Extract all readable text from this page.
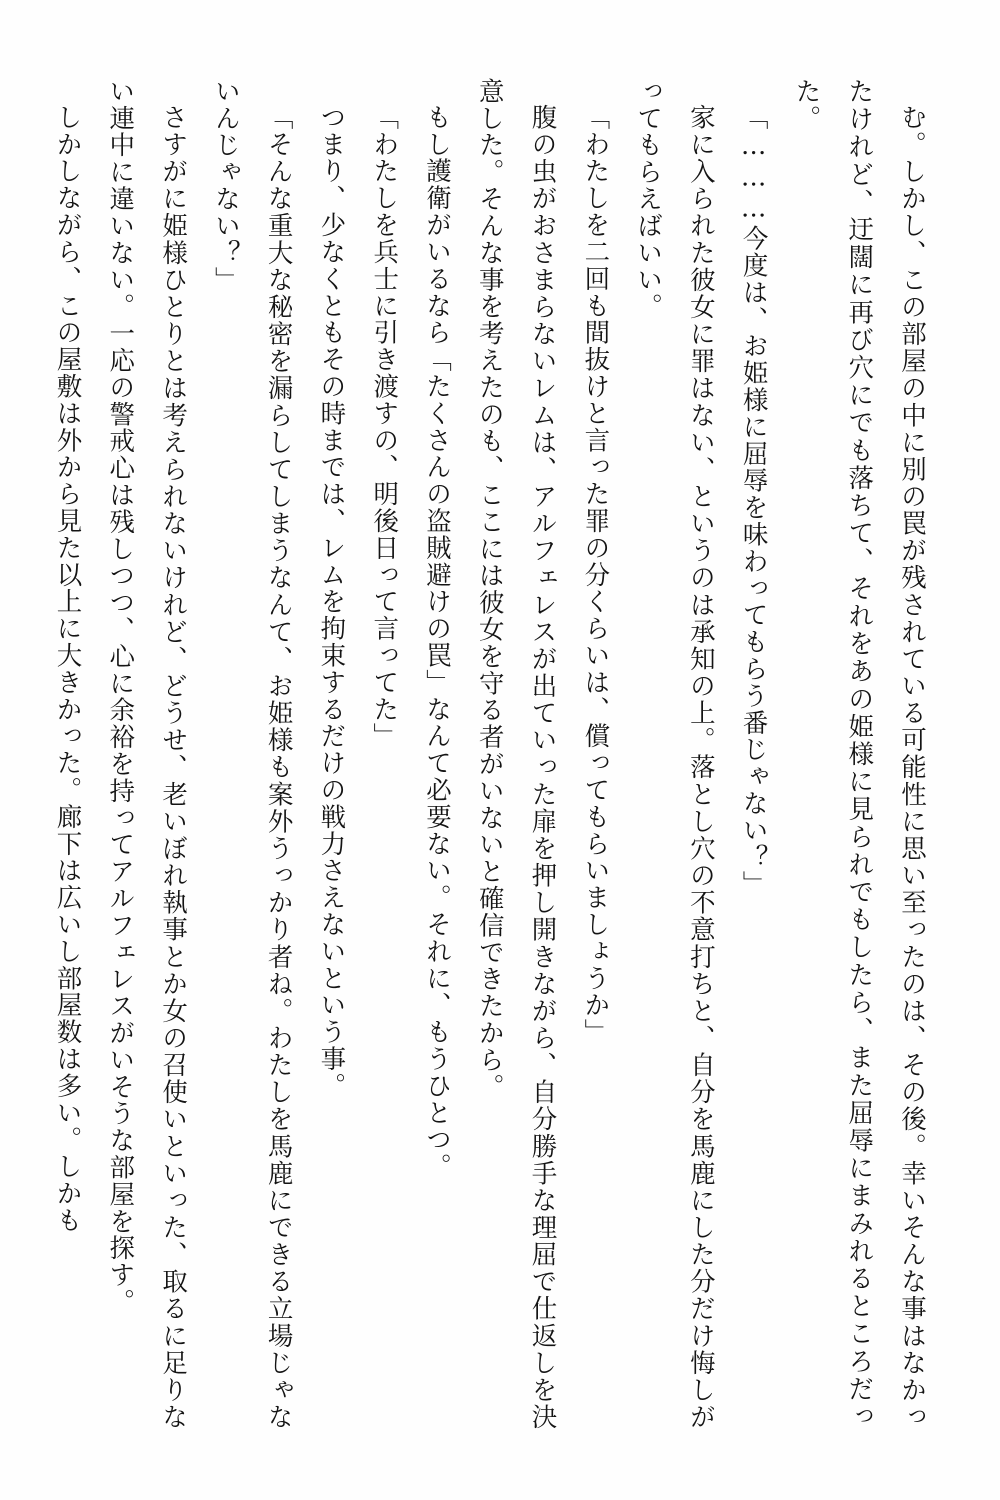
む。しかし、この部屋の中に別の罠が残されている可能性に思い至ったのは、その後。幸いそんな事はなかったけれど、迂闊に再び穴にでも落ちて、それをあの姫様に見られでもしたら、また屈辱にまみれるところだった。

「………今度は、お姫様に屈辱を味わってもらう番じゃない？」

家に入られた彼女に罪はない、というのは承知の上。落とし穴の不意打ちと、自分を馬鹿にした分だけ悔しがってもらえばいい。

「わたしを二回も間抜けと言った罪の分くらいは、償ってもらいましょうか」

腹の虫がおさまらないレムは、アルフェレスが出ていった扉を押し開きながら、自分勝手な理屈で仕返しを決意した。そんな事を考えたのも、ここには彼女を守る者がいないと確信できたから。

もし護衛がいるなら「たくさんの盗賊避けの罠」なんて必要ない。それに、もうひとつ。

「わたしを兵士に引き渡すの、明後日って言ってた」

つまり、少なくともその時までは、レムを拘束するだけの戦力さえないという事。

「そんな重大な秘密を漏らしてしまうなんて、お姫様も案外うっかり者ね。わたしを馬鹿にできる立場じゃないんじゃない？」

さすがに姫様ひとりとは考えられないけれど、どうせ、老いぼれ執事とか女の召使いといった、取るに足りない連中に違いない。一応の警戒心は残しつつ、心に余裕を持ってアルフェレスがいそうな部屋を探す。

しかしながら、この屋敷は外から見た以上に大きかった。廊下は広いし部屋数は多い。しかも
